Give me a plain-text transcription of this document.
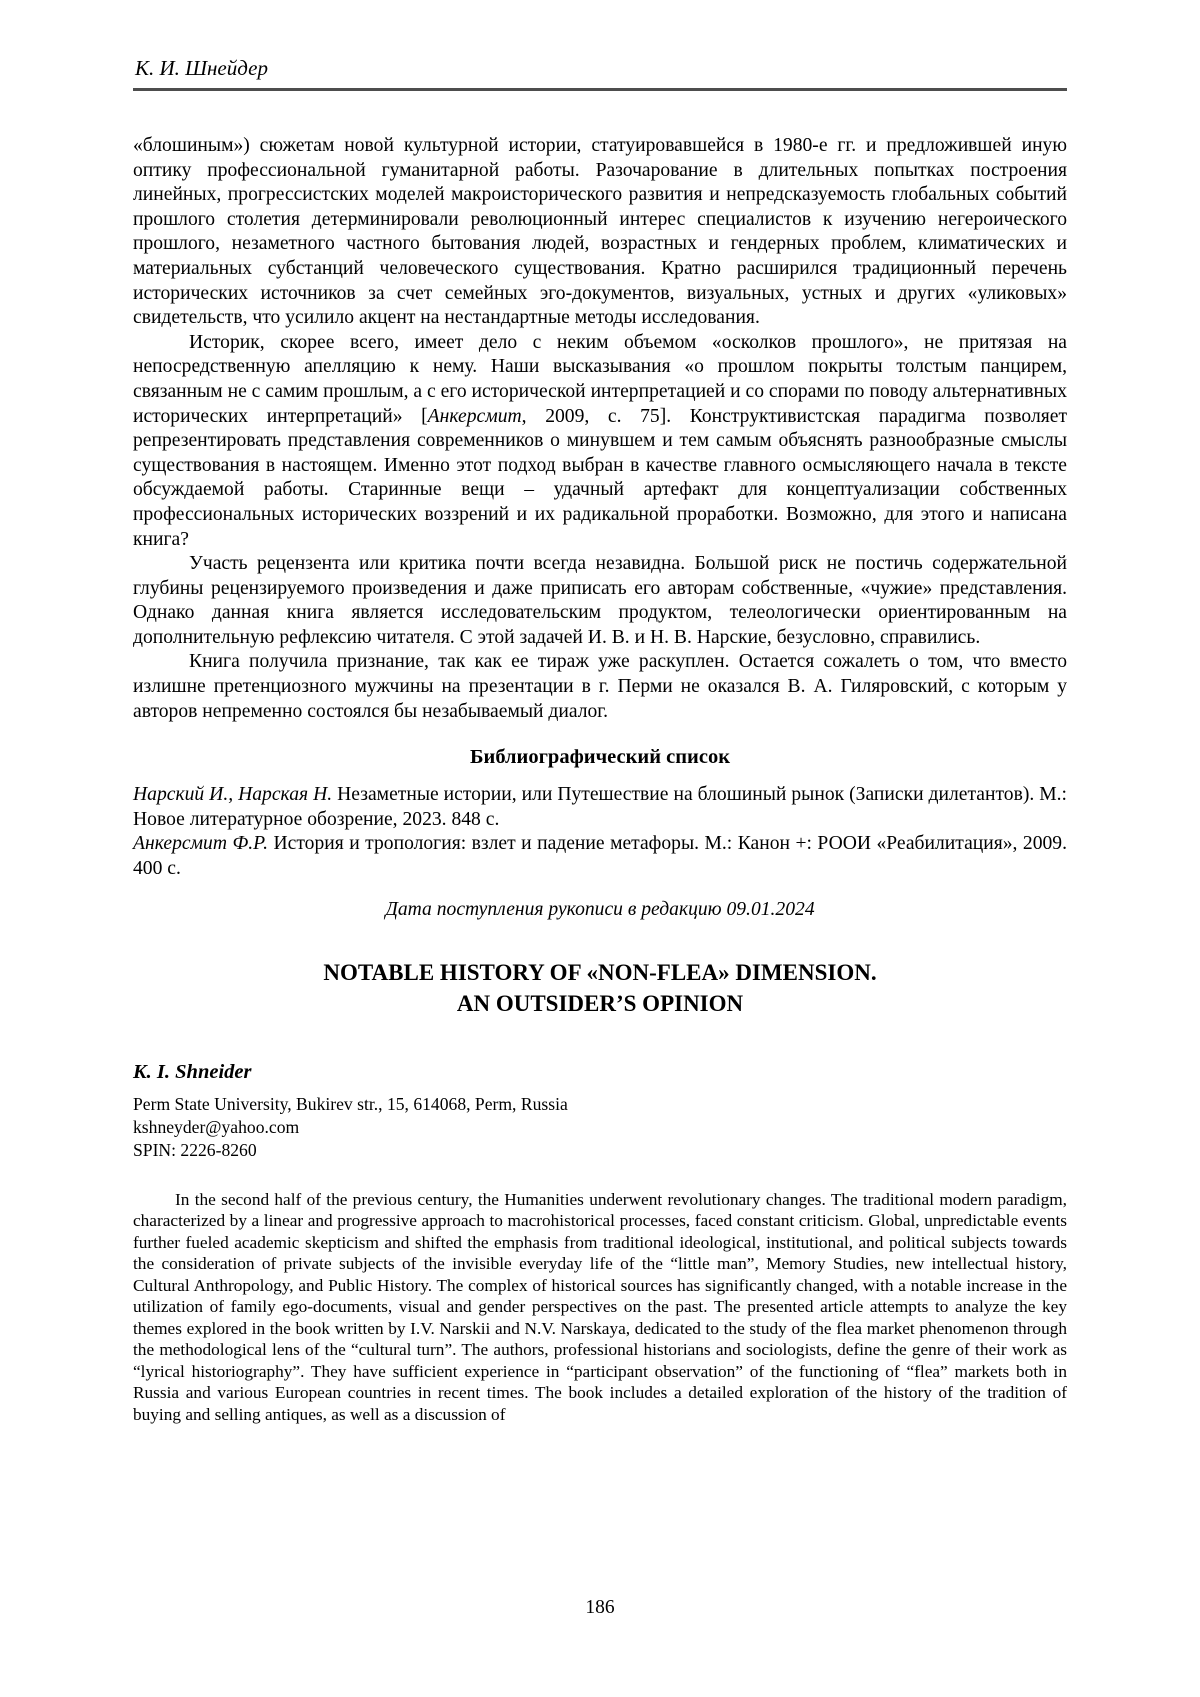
К. И. Шнейдер

«блошиным») сюжетам новой культурной истории, статуировавшейся в 1980-е гг. и предложившей иную оптику профессиональной гуманитарной работы. Разочарование в длительных попытках построения линейных, прогрессистских моделей макроисторического развития и непредсказуемость глобальных событий прошлого столетия детерминировали революционный интерес специалистов к изучению негероического прошлого, незаметного частного бытования людей, возрастных и гендерных проблем, климатических и материальных субстанций человеческого существования. Кратно расширился традиционный перечень исторических источников за счет семейных эго-документов, визуальных, устных и других «уликовых» свидетельств, что усилило акцент на нестандартные методы исследования.

Историк, скорее всего, имеет дело с неким объемом «осколков прошлого», не притязая на непосредственную апелляцию к нему. Наши высказывания «о прошлом покрыты толстым панцирем, связанным не с самим прошлым, а с его исторической интерпретацией и со спорами по поводу альтернативных исторических интерпретаций» [Анкерсмит, 2009, с. 75]. Конструктивистская парадигма позволяет репрезентировать представления современников о минувшем и тем самым объяснять разнообразные смыслы существования в настоящем. Именно этот подход выбран в качестве главного осмысляющего начала в тексте обсуждаемой работы. Старинные вещи – удачный артефакт для концептуализации собственных профессиональных исторических воззрений и их радикальной проработки. Возможно, для этого и написана книга?

Участь рецензента или критика почти всегда незавидна. Большой риск не постичь содержательной глубины рецензируемого произведения и даже приписать его авторам собственные, «чужие» представления. Однако данная книга является исследовательским продуктом, телеологически ориентированным на дополнительную рефлексию читателя. С этой задачей И. В. и Н. В. Нарские, безусловно, справились.

Книга получила признание, так как ее тираж уже раскуплен. Остается сожалеть о том, что вместо излишне претенциозного мужчины на презентации в г. Перми не оказался В. А. Гиляровский, с которым у авторов непременно состоялся бы незабываемый диалог.

Библиографический список

Нарский И., Нарская Н. Незаметные истории, или Путешествие на блошиный рынок (Записки дилетантов). М.: Новое литературное обозрение, 2023. 848 с.

Анкерсмит Ф.Р. История и тропология: взлет и падение метафоры. М.: Канон +: РООИ «Реабилитация», 2009. 400 с.

Дата поступления рукописи в редакцию 09.01.2024
NOTABLE HISTORY OF «NON-FLEA» DIMENSION.
AN OUTSIDER’S OPINION
K. I. Shneider
Perm State University, Bukirev str., 15, 614068, Perm, Russia
kshneyder@yahoo.com
SPIN: 2226-8260

In the second half of the previous century, the Humanities underwent revolutionary changes. The traditional modern paradigm, characterized by a linear and progressive approach to macrohistorical processes, faced constant criticism. Global, unpredictable events further fueled academic skepticism and shifted the emphasis from traditional ideological, institutional, and political subjects towards the consideration of private subjects of the invisible everyday life of the “little man”, Memory Studies, new intellectual history, Cultural Anthropology, and Public History. The complex of historical sources has significantly changed, with a notable increase in the utilization of family ego-documents, visual and gender perspectives on the past. The presented article attempts to analyze the key themes explored in the book written by I.V. Narskii and N.V. Narskaya, dedicated to the study of the flea market phenomenon through the methodological lens of the “cultural turn”. The authors, professional historians and sociologists, define the genre of their work as “lyrical historiography”. They have sufficient experience in “participant observation” of the functioning of “flea” markets both in Russia and various European countries in recent times. The book includes a detailed exploration of the history of the tradition of buying and selling antiques, as well as a discussion of

186
